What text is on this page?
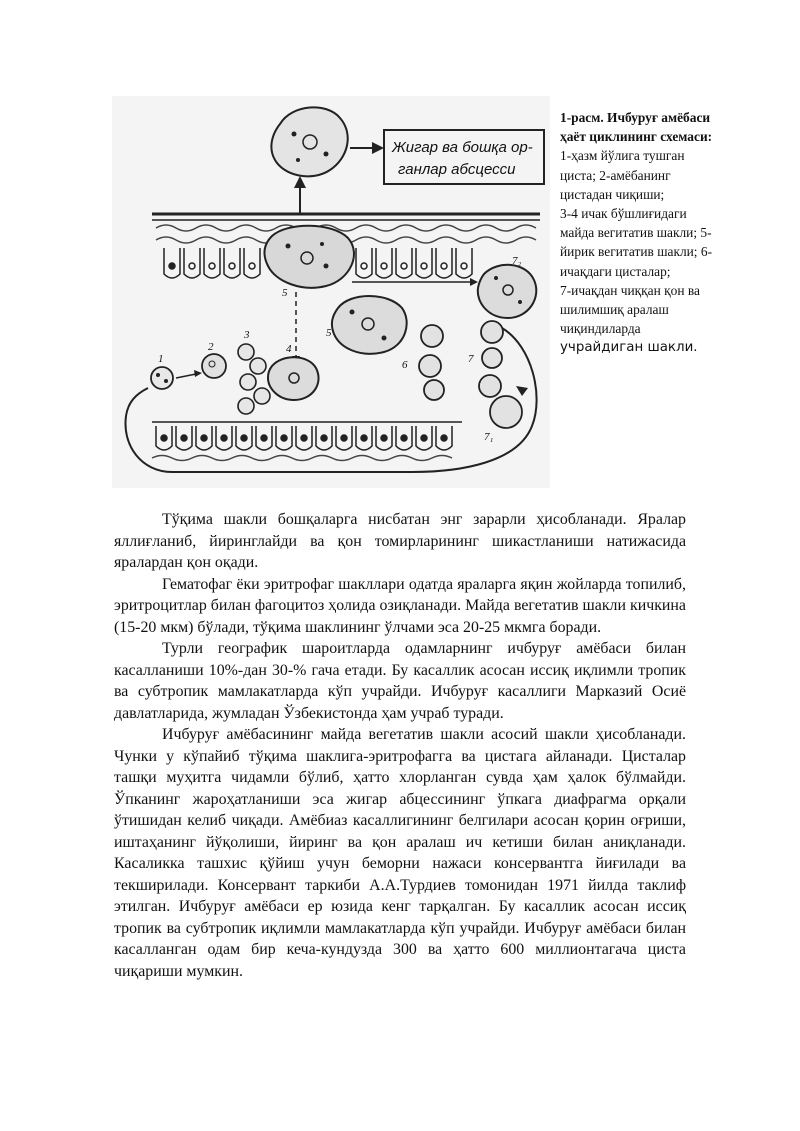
Жигар ва бошқа ор-
ганлар абсцесси
1
2
3
4
5
5
6	7
7₁
7₂
1-расм. Ичбуруғ амёбаси
ҳаёт циклининг схемаси:
1-ҳазм йўлига тушган
циста; 2-амёбанинг
цистадан чиқиши;
3-4 ичак бўшлиғидаги
майда вегитатив шакли; 5-
йирик вегитатив шакли; 6-
ичақдаги цисталар;
7-ичақдан чиққан қон ва
шилимшиқ аралаш
чиқиндиларда
учрайдиган шакли.

Тўқима шакли бошқаларга нисбатан энг зарарли ҳисобланади. Яралар яллиғланиб, йиринглайди ва қон томирларининг шикастланиши натижасида яралардан қон оқади.

Гематофаг ёки эритрофаг шакллари одатда яраларга яқин жойларда топилиб, эритроцитлар билан фагоцитоз ҳолида озиқланади. Майда вегетатив шакли кичкина (15-20 мкм) бўлади, тўқима шаклининг ўлчами эса 20-25 мкмга боради.

Турли географик шароитларда одамларнинг ичбуруғ амёбаси билан касалланиши 10%-дан 30-% гача етади. Бу касаллик асосан иссиқ иқлимли тропик ва субтропик мамлакатларда кўп учрайди. Ичбуруғ касаллиги Марказий Осиё давлатларида, жумладан Ўзбекистонда ҳам учраб туради.

Ичбуруғ амёбасининг майда вегетатив шакли асосий шакли ҳисобланади. Чунки у кўпайиб тўқима шаклига-эритрофагга ва цистага айланади. Цисталар ташқи муҳитга чидамли бўлиб, ҳатто хлорланган сувда ҳам ҳалок бўлмайди. Ўпканинг жароҳатланиши эса жигар абцессининг ўпкага диафрагма орқали ўтишидан келиб чиқади. Амёбиаз касаллигининг белгилари асосан қорин оғриши, иштаҳанинг йўқолиши, йиринг ва қон аралаш ич кетиши билан аниқланади. Касаликка ташхис қўйиш учун беморни нажаси консервантга йиғилади ва текширилади. Консервант таркиби А.А.Турдиев томонидан 1971 йилда таклиф этилган. Ичбуруғ амёбаси ер юзида кенг тарқалган. Бу касаллик асосан иссиқ тропик ва субтропик иқлимли мамлакатларда кўп учрайди. Ичбуруғ амёбаси билан касалланган одам бир кеча-кундузда 300 ва ҳатто 600 миллионтагача циста чиқариши мумкин.
